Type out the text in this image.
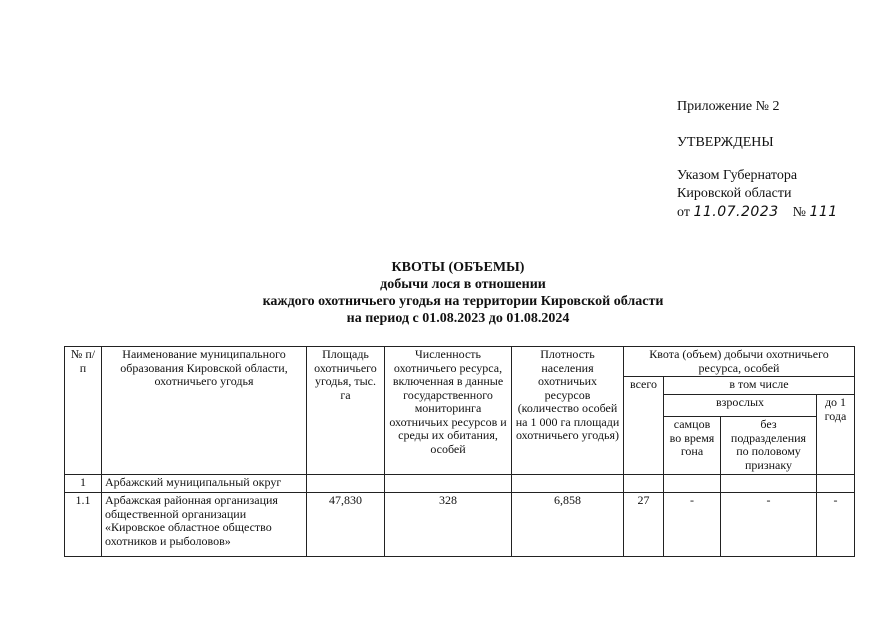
Приложение № 2
УТВЕРЖДЕНЫ
Указом Губернатора
Кировской области
от 11.07.2023 № 111
КВОТЫ (ОБЪЕМЫ)
добычи лося в отношении
каждого охотничьего угодья на территории Кировской области
на период с 01.08.2023 до 01.08.2024
№ п/п	Наименование муниципального образования Кировской области, охотничьего угодья	Площадь охотничьего угодья, тыс. га	Численность охотничьего ресурса, включенная в данные государственного мониторинга охотничьих ресурсов и среды их обитания, особей	Плотность населения охотничьих ресурсов (количество особей на 1 000 га площади охотничьего угодья)	Квота (объем) добычи охотничьего ресурса, особей			
					всего	в том числе		
						взрослых		до 1 года
						самцов во время гона	без подразделения по половому признаку	
1	Арбажский муниципальный округ							
1.1	Арбажская районная организация общественной организации «Кировское областное общество охотников и рыболовов»	47,830	328	6,858	27	-	-	-
